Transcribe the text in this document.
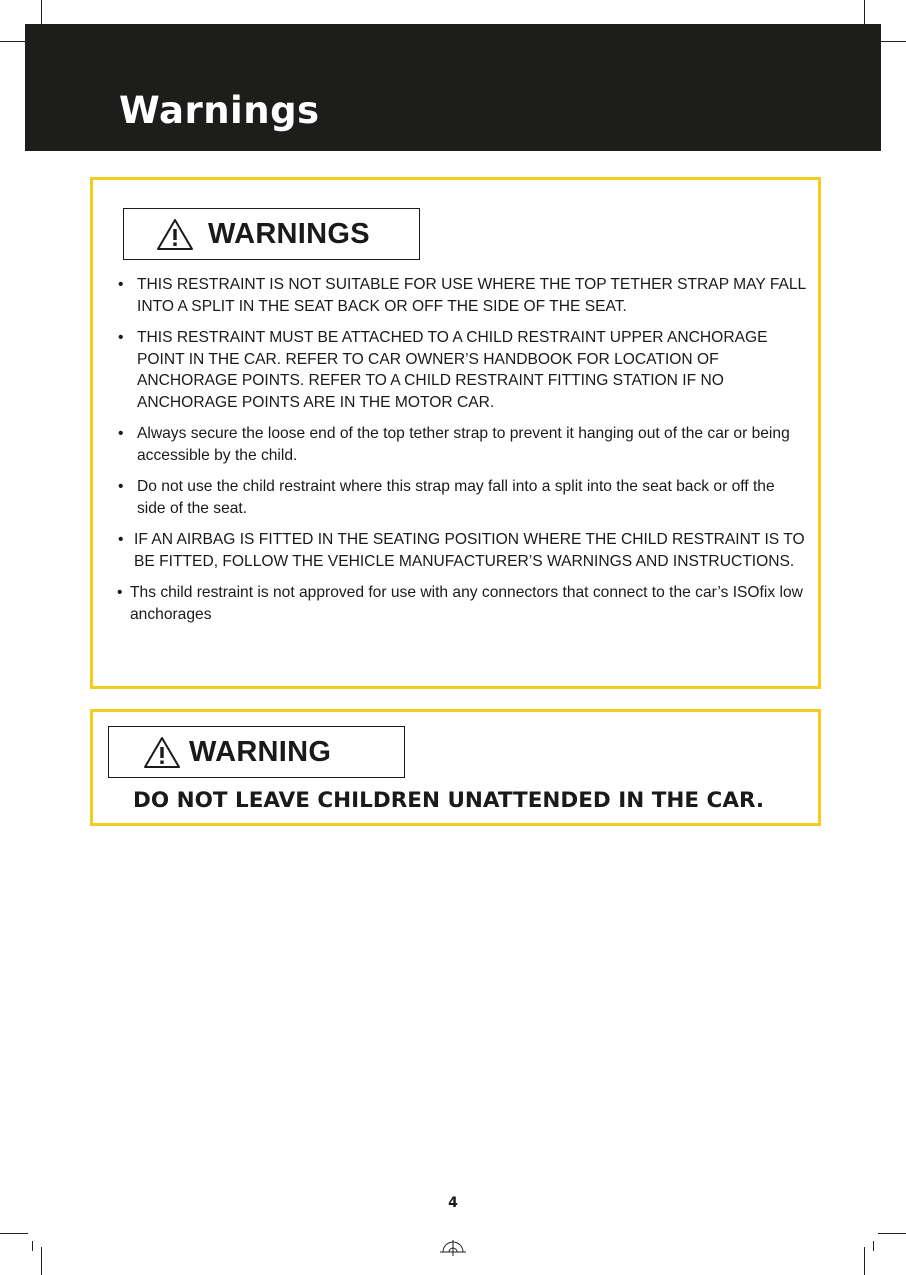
Warnings
WARNINGS
• THIS RESTRAINT IS NOT SUITABLE FOR USE WHERE THE TOP TETHER STRAP MAY FALL INTO A SPLIT IN THE SEAT BACK OR OFF THE SIDE OF THE SEAT.
• THIS RESTRAINT MUST BE ATTACHED TO A CHILD RESTRAINT UPPER ANCHORAGE POINT IN THE CAR. REFER TO CAR OWNER’S HANDBOOK FOR LOCATION OF ANCHORAGE POINTS. REFER TO A CHILD RESTRAINT FITTING STATION IF NO ANCHORAGE POINTS ARE IN THE MOTOR CAR.
• Always secure the loose end of the top tether strap to prevent it hanging out of the car or being accessible by the child.
• Do not use the child restraint where this strap may fall into a split into the seat back or off the side of the seat.
• IF AN AIRBAG IS FITTED IN THE SEATING POSITION WHERE THE CHILD RESTRAINT IS TO BE FITTED, FOLLOW THE VEHICLE MANUFACTURER’S WARNINGS AND INSTRUCTIONS.
• Ths child restraint is not approved for use with any connectors that connect to the car’s ISOfix low anchorages
WARNING

DO NOT LEAVE CHILDREN UNATTENDED IN THE CAR.

4
